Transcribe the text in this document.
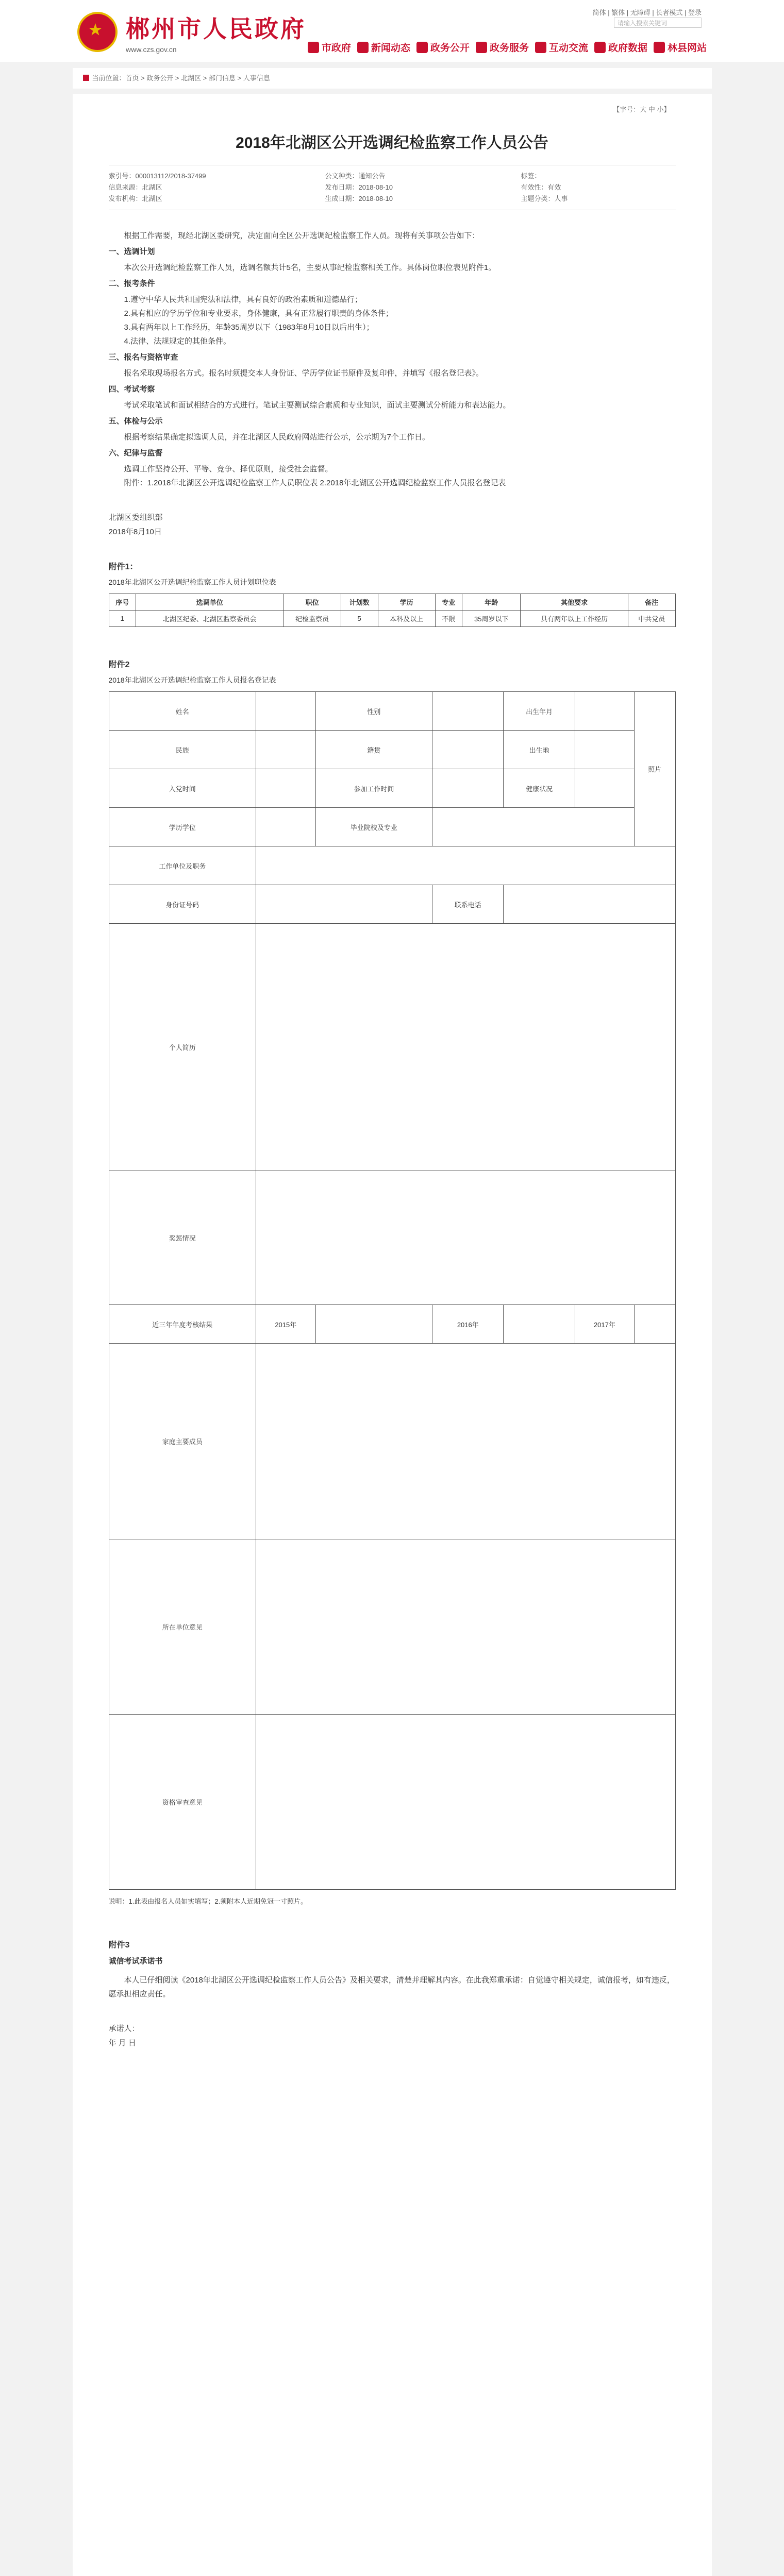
郴州市人民政府
www.czs.gov.cn
简体 | 繁体 | 无障碍 | 长者模式 | 登录
请输入搜索关键词
市政府 新闻动态 政务公开 政务服务 互动交流 政府数据 林县网站
当前位置：首页 > 政务公开 > 北湖区 > 部门信息 > 人事信息
【字号：大 中 小】
2018年北湖区公开选调纪检监察工作人员公告
索引号：000013112/2018-37499	公文种类：通知公告	标签：
信息来源：北湖区	发布日期：2018-08-10	有效性：有效
发布机构：北湖区	生成日期：2018-08-10	主题分类：人事

根据工作需要，现经北湖区委研究，决定面向全区公开选调纪检监察工作人员。现将有关事项公告如下：

一、选调计划

本次公开选调纪检监察工作人员，选调名额共计5名，主要从事纪检监察相关工作。具体岗位职位表见附件1。

二、报考条件

1.遵守中华人民共和国宪法和法律，具有良好的政治素质和道德品行；

2.具有相应的学历学位和专业要求，身体健康，具有正常履行职责的身体条件；

3.具有两年以上工作经历，年龄35周岁以下（1983年8月10日以后出生）；

4.法律、法规规定的其他条件。

三、报名与资格审查

报名采取现场报名方式。报名时须提交本人身份证、学历学位证书原件及复印件，并填写《报名登记表》。

四、考试考察

考试采取笔试和面试相结合的方式进行。笔试主要测试综合素质和专业知识，面试主要测试分析能力和表达能力。

五、体检与公示

根据考察结果确定拟选调人员，并在北湖区人民政府网站进行公示，公示期为7个工作日。

六、纪律与监督

选调工作坚持公开、平等、竞争、择优原则，接受社会监督。

附件：1.2018年北湖区公开选调纪检监察工作人员职位表 2.2018年北湖区公开选调纪检监察工作人员报名登记表

北湖区委组织部
2018年8月10日
附件1：
2018年北湖区公开选调纪检监察工作人员计划职位表
序号	选调单位	职位	计划数	学历	专业	年龄	其他要求	备注
1	北湖区纪委、北湖区监察委员会	纪检监察员	5	本科及以上	不限	35周岁以下	具有两年以上工作经历	中共党员
附件2
2018年北湖区公开选调纪检监察工作人员报名登记表
姓名		性别		出生年月		照片
民族		籍贯		出生地		
入党时间		参加工作时间		健康状况		
学历学位		毕业院校及专业				
工作单位及职务						
身份证号码			联系电话			
个人简历						
奖惩情况						
近三年年度考核结果	2015年		2016年		2017年	
家庭主要成员						
所在单位意见						
资格审查意见						
说明：1.此表由报名人员如实填写；2.须附本人近期免冠一寸照片。
附件3
诚信考试承诺书

本人已仔细阅读《2018年北湖区公开选调纪检监察工作人员公告》及相关要求，清楚并理解其内容。在此我郑重承诺：自觉遵守相关规定，诚信报考，如有违反，愿承担相应责任。

承诺人：
年 月 日
